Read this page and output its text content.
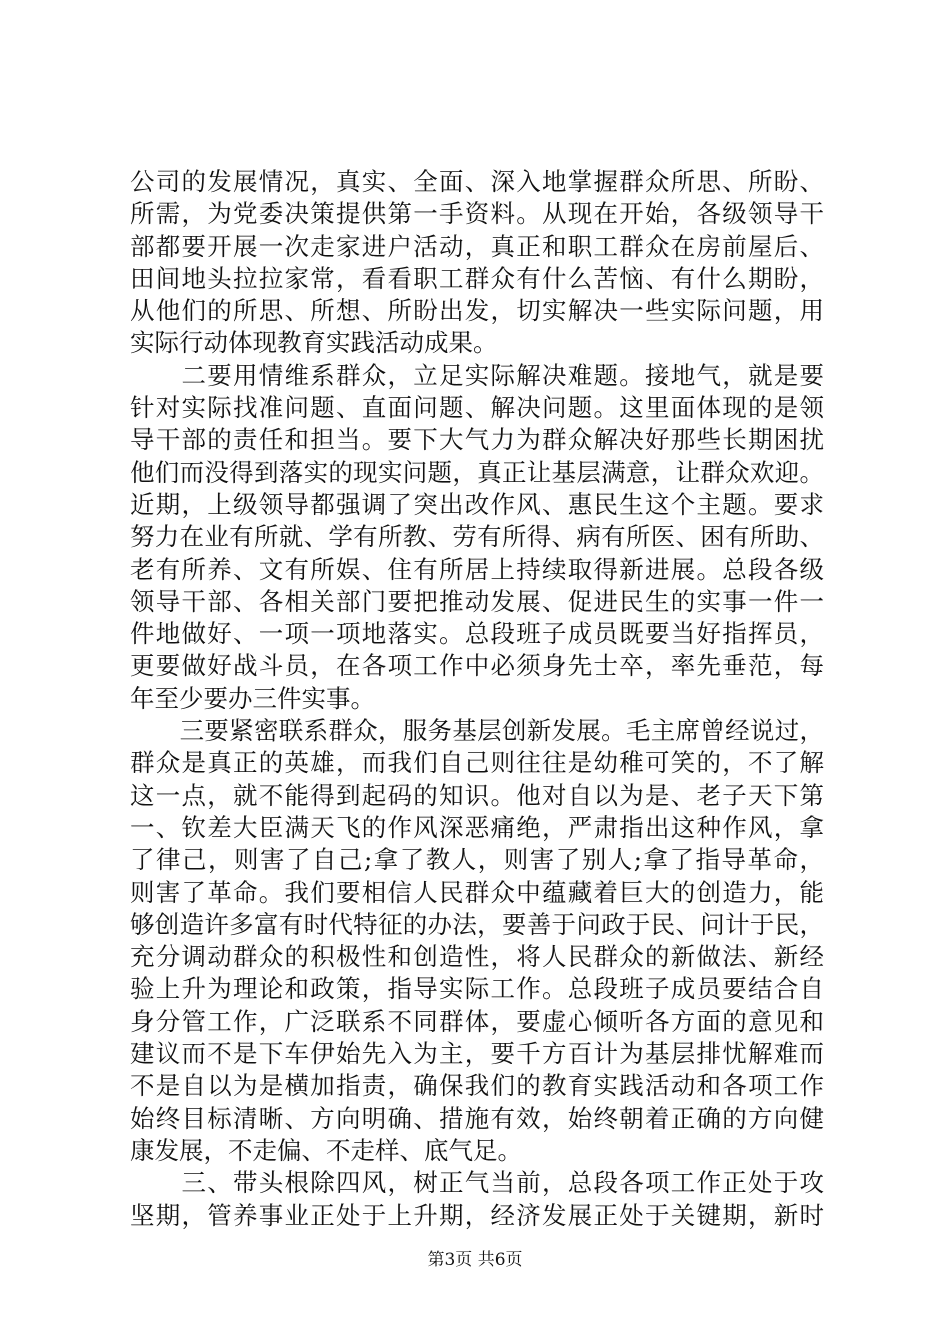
公司的发展情况，真实、全面、深入地掌握群众所思、所盼、
所需，为党委决策提供第一手资料。从现在开始，各级领导干
部都要开展一次走家进户活动，真正和职工群众在房前屋后、
田间地头拉拉家常，看看职工群众有什么苦恼、有什么期盼，
从他们的所思、所想、所盼出发，切实解决一些实际问题，用
实际行动体现教育实践活动成果。
　　二要用情维系群众，立足实际解决难题。接地气，就是要
针对实际找准问题、直面问题、解决问题。这里面体现的是领
导干部的责任和担当。要下大气力为群众解决好那些长期困扰
他们而没得到落实的现实问题，真正让基层满意，让群众欢迎。
近期，上级领导都强调了突出改作风、惠民生这个主题。要求
努力在业有所就、学有所教、劳有所得、病有所医、困有所助、
老有所养、文有所娱、住有所居上持续取得新进展。总段各级
领导干部、各相关部门要把推动发展、促进民生的实事一件一
件地做好、一项一项地落实。总段班子成员既要当好指挥员，
更要做好战斗员，在各项工作中必须身先士卒，率先垂范，每
年至少要办三件实事。
　　三要紧密联系群众，服务基层创新发展。毛主席曾经说过，
群众是真正的英雄，而我们自己则往往是幼稚可笑的，不了解
这一点，就不能得到起码的知识。他对自以为是、老子天下第
一、钦差大臣满天飞的作风深恶痛绝，严肃指出这种作风，拿
了律己，则害了自己;拿了教人，则害了别人;拿了指导革命，
则害了革命。我们要相信人民群众中蕴藏着巨大的创造力，能
够创造许多富有时代特征的办法，要善于问政于民、问计于民，
充分调动群众的积极性和创造性，将人民群众的新做法、新经
验上升为理论和政策，指导实际工作。总段班子成员要结合自
身分管工作，广泛联系不同群体，要虚心倾听各方面的意见和
建议而不是下车伊始先入为主，要千方百计为基层排忧解难而
不是自以为是横加指责，确保我们的教育实践活动和各项工作
始终目标清晰、方向明确、措施有效，始终朝着正确的方向健
康发展，不走偏、不走样、底气足。
　　三、带头根除四风，树正气当前，总段各项工作正处于攻
坚期，管养事业正处于上升期，经济发展正处于关键期，新时
第3页 共6页
